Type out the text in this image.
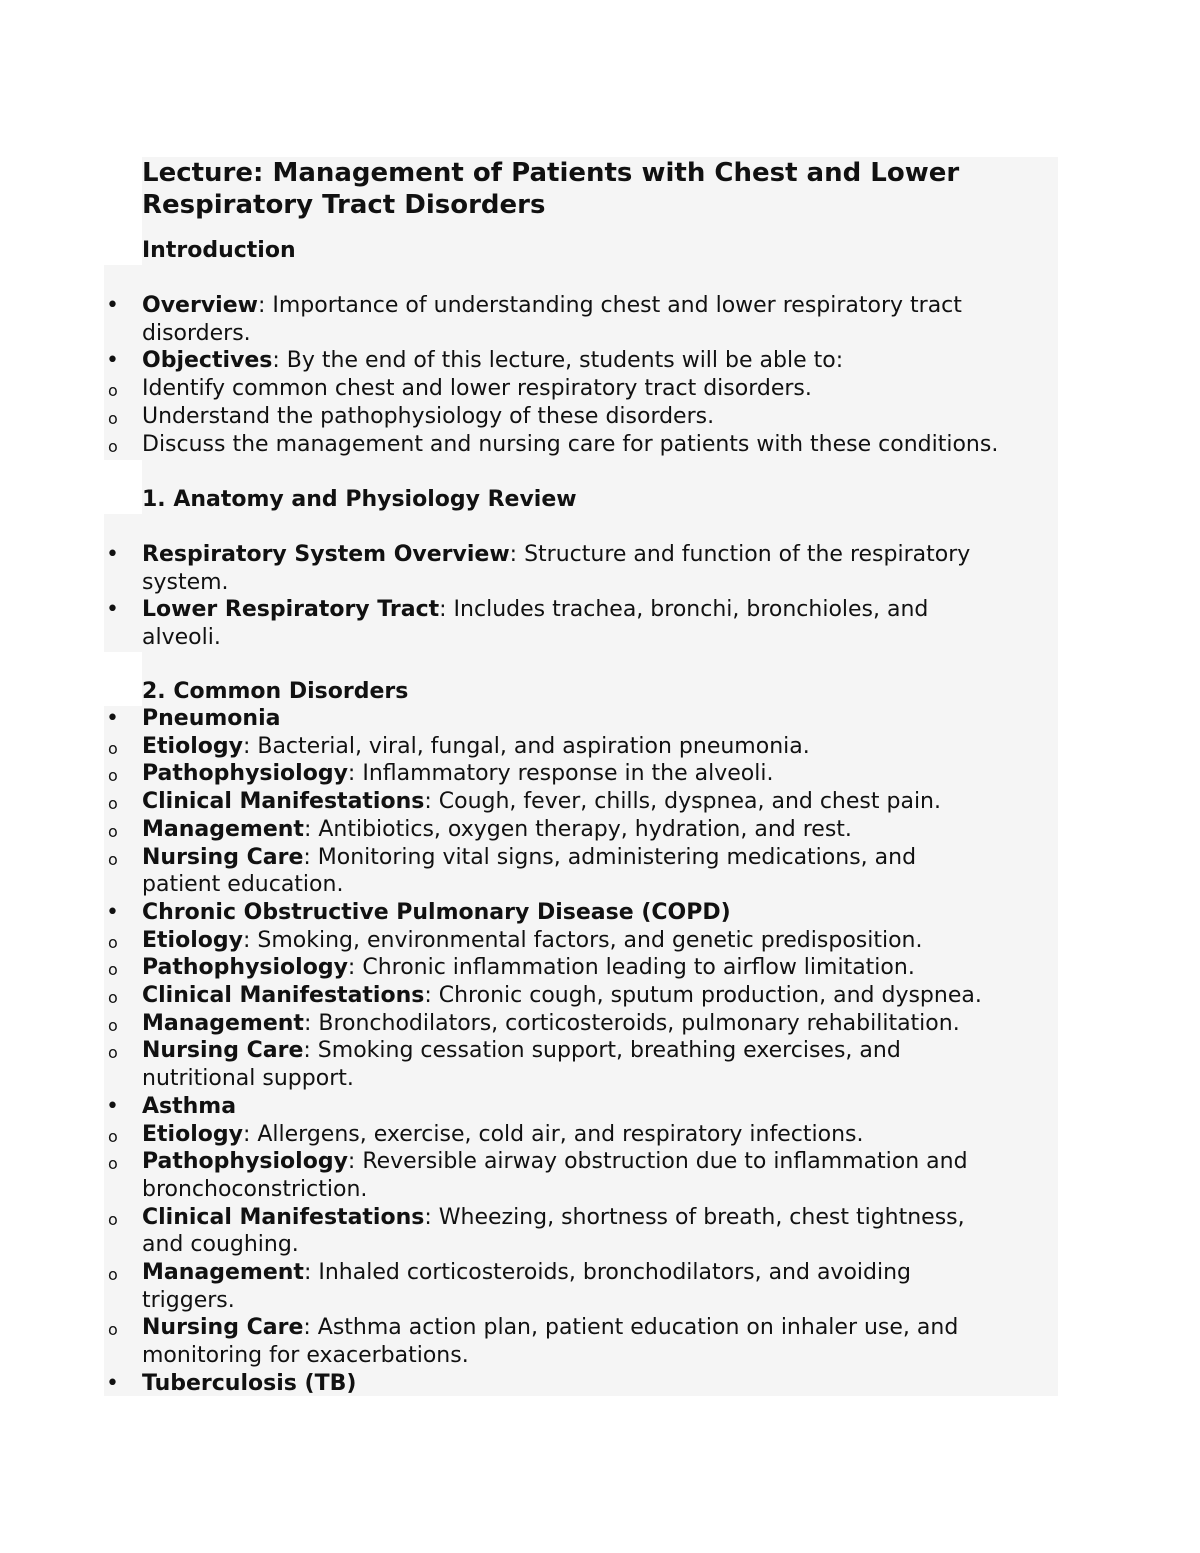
Lecture: Management of Patients with Chest and Lower
Respiratory Tract Disorders
Introduction
• Overview: Importance of understanding chest and lower respiratory tract
disorders.
• Objectives: By the end of this lecture, students will be able to:
o Identify common chest and lower respiratory tract disorders.
o Understand the pathophysiology of these disorders.
o Discuss the management and nursing care for patients with these conditions.
1. Anatomy and Physiology Review
• Respiratory System Overview: Structure and function of the respiratory
system.
• Lower Respiratory Tract: Includes trachea, bronchi, bronchioles, and
alveoli.
2. Common Disorders
• Pneumonia
o Etiology: Bacterial, viral, fungal, and aspiration pneumonia.
o Pathophysiology: Inflammatory response in the alveoli.
o Clinical Manifestations: Cough, fever, chills, dyspnea, and chest pain.
o Management: Antibiotics, oxygen therapy, hydration, and rest.
o Nursing Care: Monitoring vital signs, administering medications, and
patient education.
• Chronic Obstructive Pulmonary Disease (COPD)
o Etiology: Smoking, environmental factors, and genetic predisposition.
o Pathophysiology: Chronic inflammation leading to airflow limitation.
o Clinical Manifestations: Chronic cough, sputum production, and dyspnea.
o Management: Bronchodilators, corticosteroids, pulmonary rehabilitation.
o Nursing Care: Smoking cessation support, breathing exercises, and
nutritional support.
• Asthma
o Etiology: Allergens, exercise, cold air, and respiratory infections.
o Pathophysiology: Reversible airway obstruction due to inflammation and
bronchoconstriction.
o Clinical Manifestations: Wheezing, shortness of breath, chest tightness,
and coughing.
o Management: Inhaled corticosteroids, bronchodilators, and avoiding
triggers.
o Nursing Care: Asthma action plan, patient education on inhaler use, and
monitoring for exacerbations.
• Tuberculosis (TB)
